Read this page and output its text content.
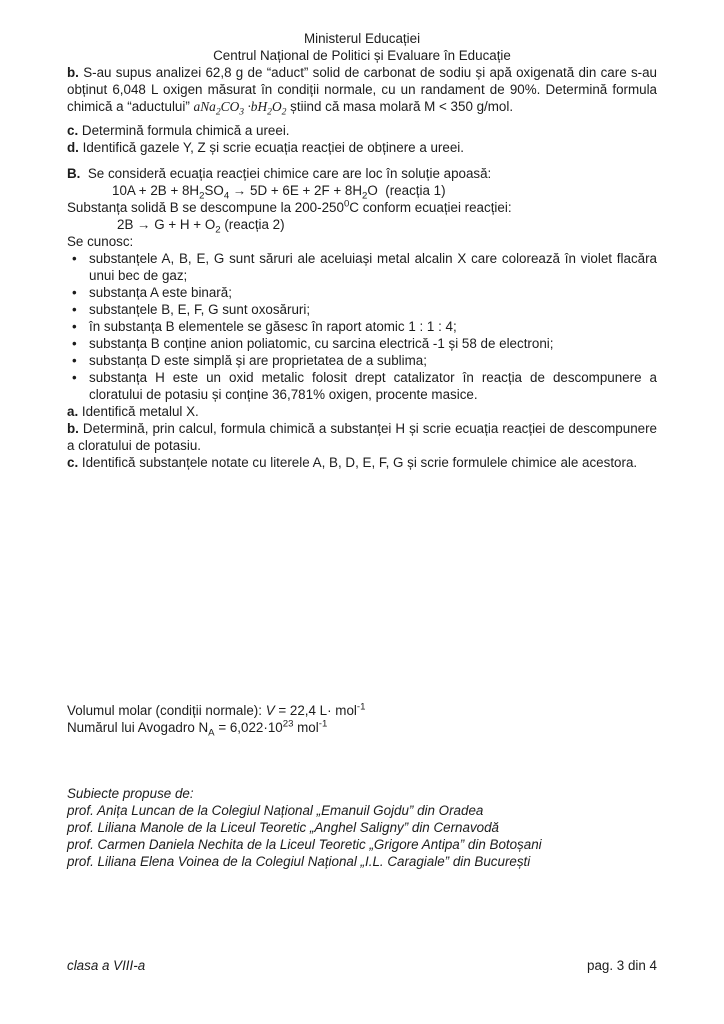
Ministerul Educației
Centrul Național de Politici și Evaluare în Educație

b. S-au supus analizei 62,8 g de “aduct” solid de carbonat de sodiu și apă oxigenată din care s-au obținut 6,048 L oxigen măsurat în condiții normale, cu un randament de 90%. Determină formula chimică a “aductului” $aNa_2CO_3 \cdot bH_2O_2$ știind că masa molară M < 350 g/mol.

c. Determină formula chimică a ureei.

d. Identifică gazele Y, Z și scrie ecuația reacției de obținere a ureei.

B.  Se consideră ecuația reacției chimice care are loc în soluție apoasă:

$10A + 2B + 8H_2SO_4 \to 5D + 6E + 2F + 8H_2O$  (reacția 1)

Substanța solidă B se descompune la $200-250^0C$ conform ecuației reacției:

$2B \to G + H + O_2$ (reacția 2)

Se cunosc:

• substanțele A, B, E, G sunt săruri ale aceluiași metal alcalin X care colorează în violet flacăra unui bec de gaz;
• substanța A este binară;
• substanțele B, E, F, G sunt oxosăruri;
• în substanța B elementele se găsesc în raport atomic 1 : 1 : 4;
• substanța B conține anion poliatomic, cu sarcina electrică -1 și 58 de electroni;
• substanța D este simplă și are proprietatea de a sublima;
• substanța H este un oxid metalic folosit drept catalizator în reacția de descompunere a cloratului de potasiu și conține 36,781% oxigen, procente masice.

a. Identifică metalul X.

b. Determină, prin calcul, formula chimică a substanței H și scrie ecuația reacției de descompunere a cloratului de potasiu.

c. Identifică substanțele notate cu literele A, B, D, E, F, G și scrie formulele chimice ale acestora.

Volumul molar (condiții normale): V = 22,4 L· mol$^{-1}$

Numărul lui Avogadro $N_A = 6,022\cdot 10^{23}$ mol$^{-1}$

Subiecte propuse de:

prof. Anița Luncan de la Colegiul Național „Emanuil Gojdu” din Oradea

prof. Liliana Manole de la Liceul Teoretic „Anghel Saligny” din Cernavodă

prof. Carmen Daniela Nechita de la Liceul Teoretic „Grigore Antipa” din Botoșani

prof. Liliana Elena Voinea de la Colegiul Național „I.L. Caragiale” din București

clasa a VIII-a	pag. 3 din 4
